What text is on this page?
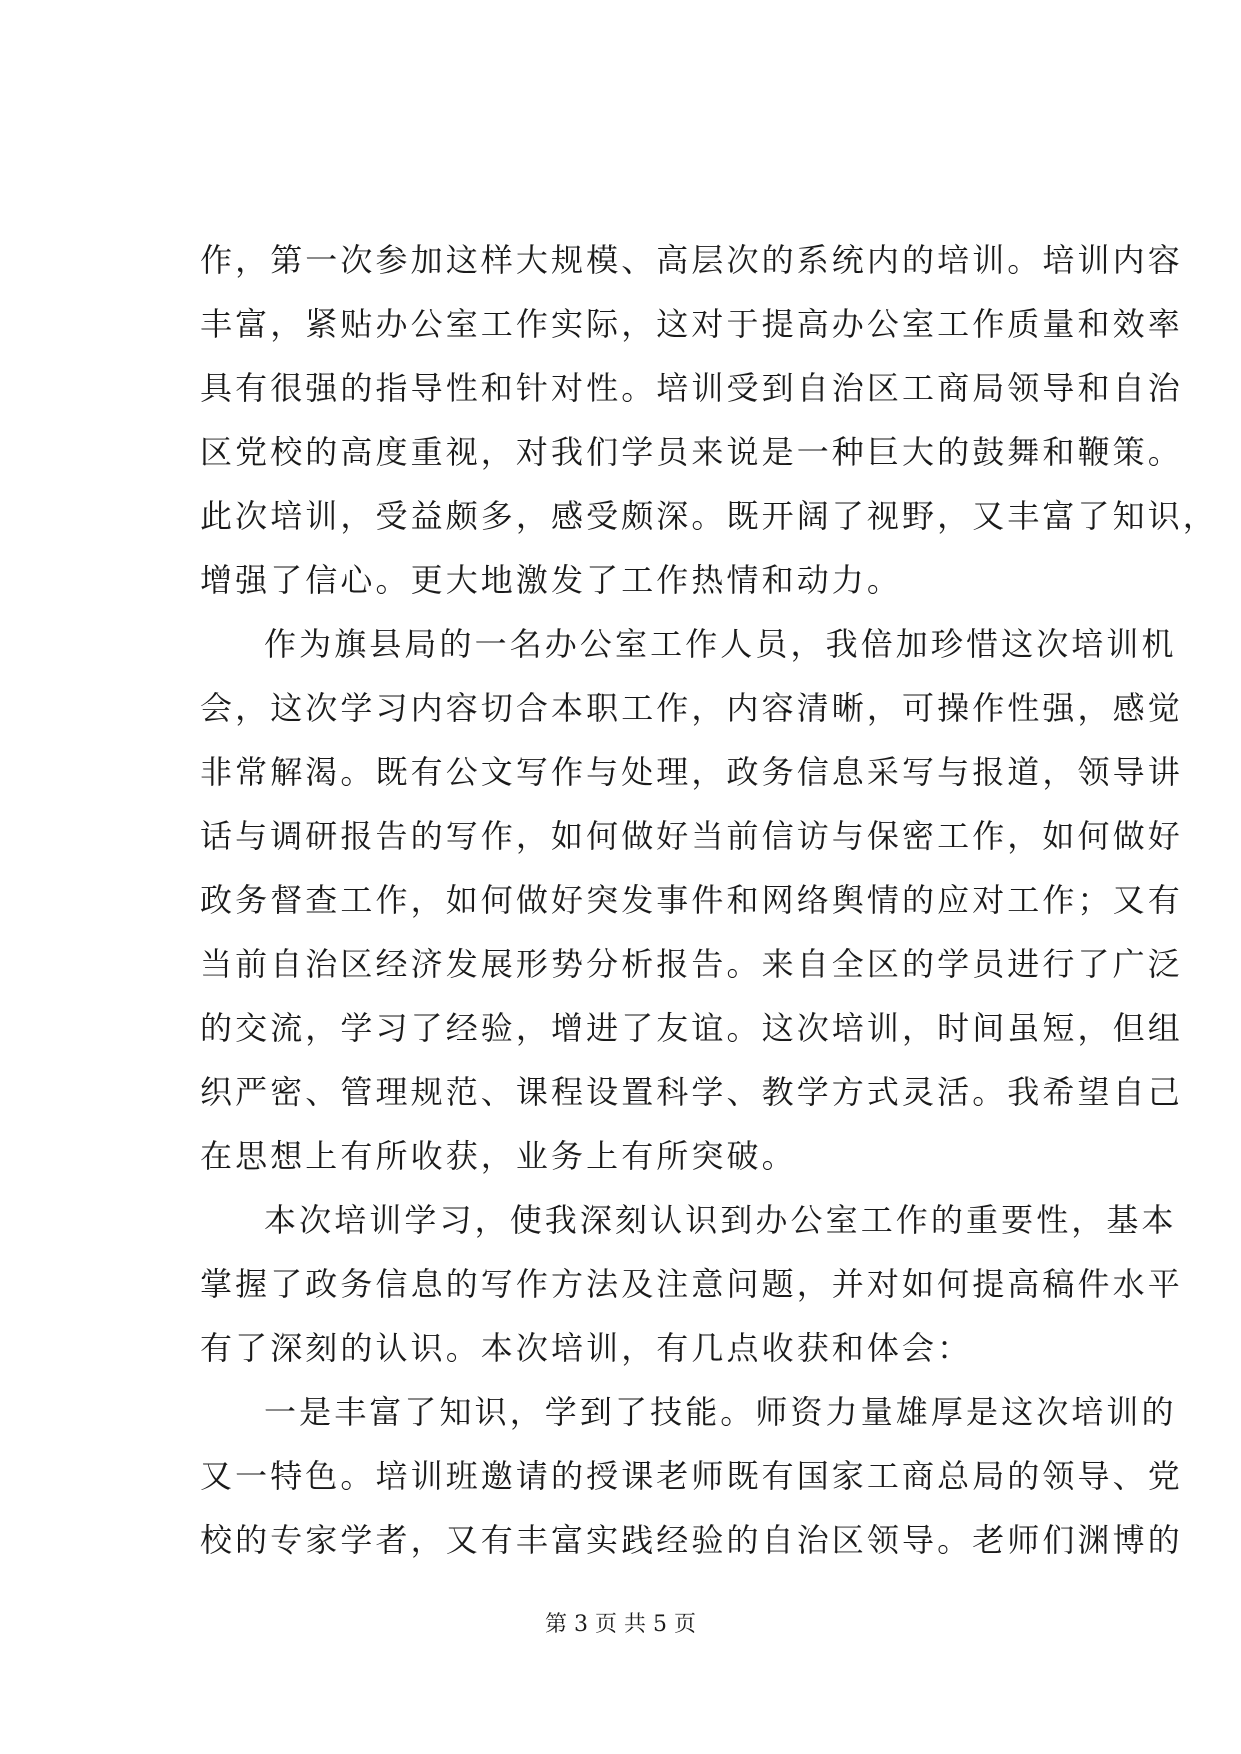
作，第一次参加这样大规模、高层次的系统内的培训。培训内容
丰富，紧贴办公室工作实际，这对于提高办公室工作质量和效率
具有很强的指导性和针对性。培训受到自治区工商局领导和自治
区党校的高度重视，对我们学员来说是一种巨大的鼓舞和鞭策。
此次培训，受益颇多，感受颇深。既开阔了视野，又丰富了知识，
增强了信心。更大地激发了工作热情和动力。
作为旗县局的一名办公室工作人员，我倍加珍惜这次培训机
会，这次学习内容切合本职工作，内容清晰，可操作性强，感觉
非常解渴。既有公文写作与处理，政务信息采写与报道，领导讲
话与调研报告的写作，如何做好当前信访与保密工作，如何做好
政务督查工作，如何做好突发事件和网络舆情的应对工作；又有
当前自治区经济发展形势分析报告。来自全区的学员进行了广泛
的交流，学习了经验，增进了友谊。这次培训，时间虽短，但组
织严密、管理规范、课程设置科学、教学方式灵活。我希望自己
在思想上有所收获，业务上有所突破。
本次培训学习，使我深刻认识到办公室工作的重要性，基本
掌握了政务信息的写作方法及注意问题，并对如何提高稿件水平
有了深刻的认识。本次培训，有几点收获和体会：
一是丰富了知识，学到了技能。师资力量雄厚是这次培训的
又一特色。培训班邀请的授课老师既有国家工商总局的领导、党
校的专家学者，又有丰富实践经验的自治区领导。老师们渊博的
第 3 页 共 5 页
